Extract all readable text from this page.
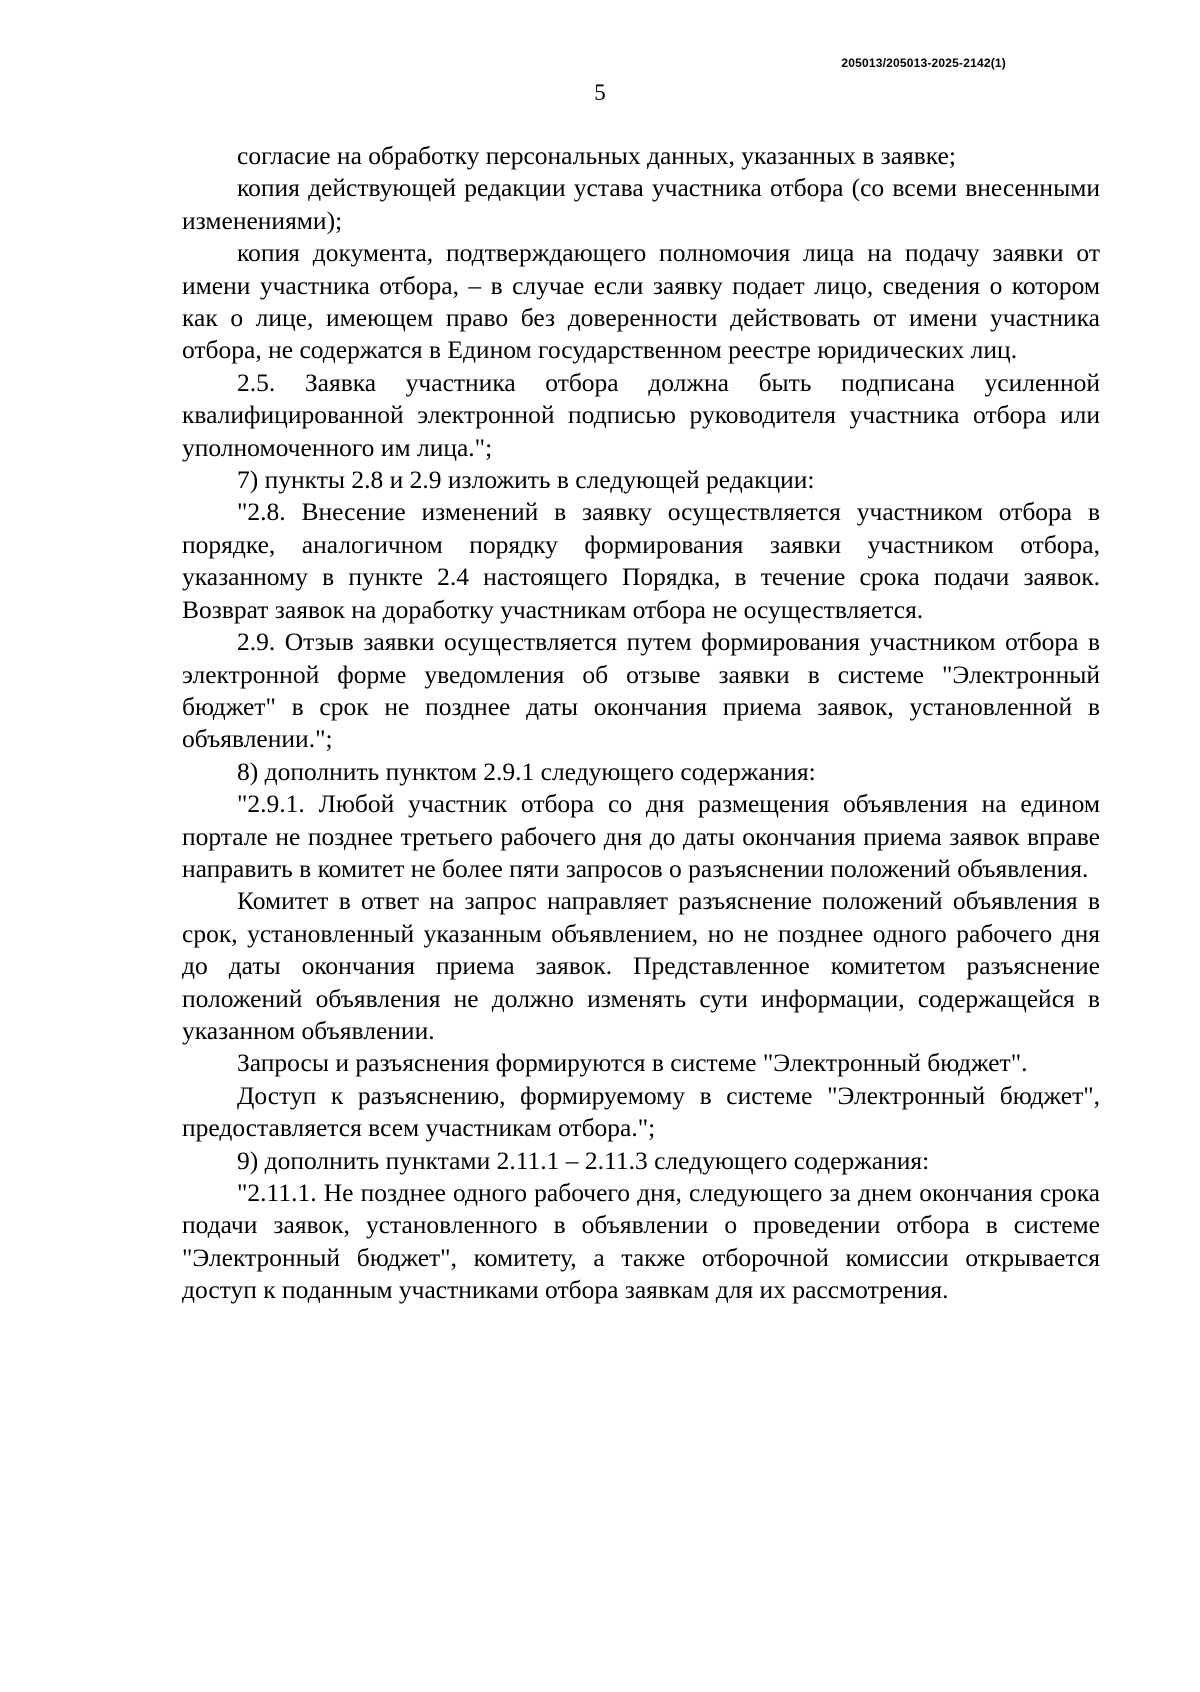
205013/205013-2025-2142(1)
5

согласие на обработку персональных данных, указанных в заявке;

копия действующей редакции устава участника отбора (со всеми внесенными изменениями);

копия документа, подтверждающего полномочия лица на подачу заявки от имени участника отбора, – в случае если заявку подает лицо, сведения о котором как о лице, имеющем право без доверенности действовать от имени участника отбора, не содержатся в Едином государственном реестре юридических лиц.

2.5. Заявка участника отбора должна быть подписана усиленной квалифицированной электронной подписью руководителя участника отбора или уполномоченного им лица.";

7) пункты 2.8 и 2.9 изложить в следующей редакции:

"2.8. Внесение изменений в заявку осуществляется участником отбора в порядке, аналогичном порядку формирования заявки участником отбора, указанному в пункте 2.4 настоящего Порядка, в течение срока подачи заявок. Возврат заявок на доработку участникам отбора не осуществляется.

2.9. Отзыв заявки осуществляется путем формирования участником отбора в электронной форме уведомления об отзыве заявки в системе "Электронный бюджет" в срок не позднее даты окончания приема заявок, установленной в объявлении.";

8) дополнить пунктом 2.9.1 следующего содержания:

"2.9.1. Любой участник отбора со дня размещения объявления на едином портале не позднее третьего рабочего дня до даты окончания приема заявок вправе направить в комитет не более пяти запросов о разъяснении положений объявления.

Комитет в ответ на запрос направляет разъяснение положений объявления в срок, установленный указанным объявлением, но не позднее одного рабочего дня до даты окончания приема заявок. Представленное комитетом разъяснение положений объявления не должно изменять сути информации, содержащейся в указанном объявлении.

Запросы и разъяснения формируются в системе "Электронный бюджет".

Доступ к разъяснению, формируемому в системе "Электронный бюджет", предоставляется всем участникам отбора.";

9) дополнить пунктами 2.11.1 – 2.11.3 следующего содержания:

"2.11.1. Не позднее одного рабочего дня, следующего за днем окончания срока подачи заявок, установленного в объявлении о проведении отбора в системе "Электронный бюджет", комитету, а также отборочной комиссии открывается доступ к поданным участниками отбора заявкам для их рассмотрения.
